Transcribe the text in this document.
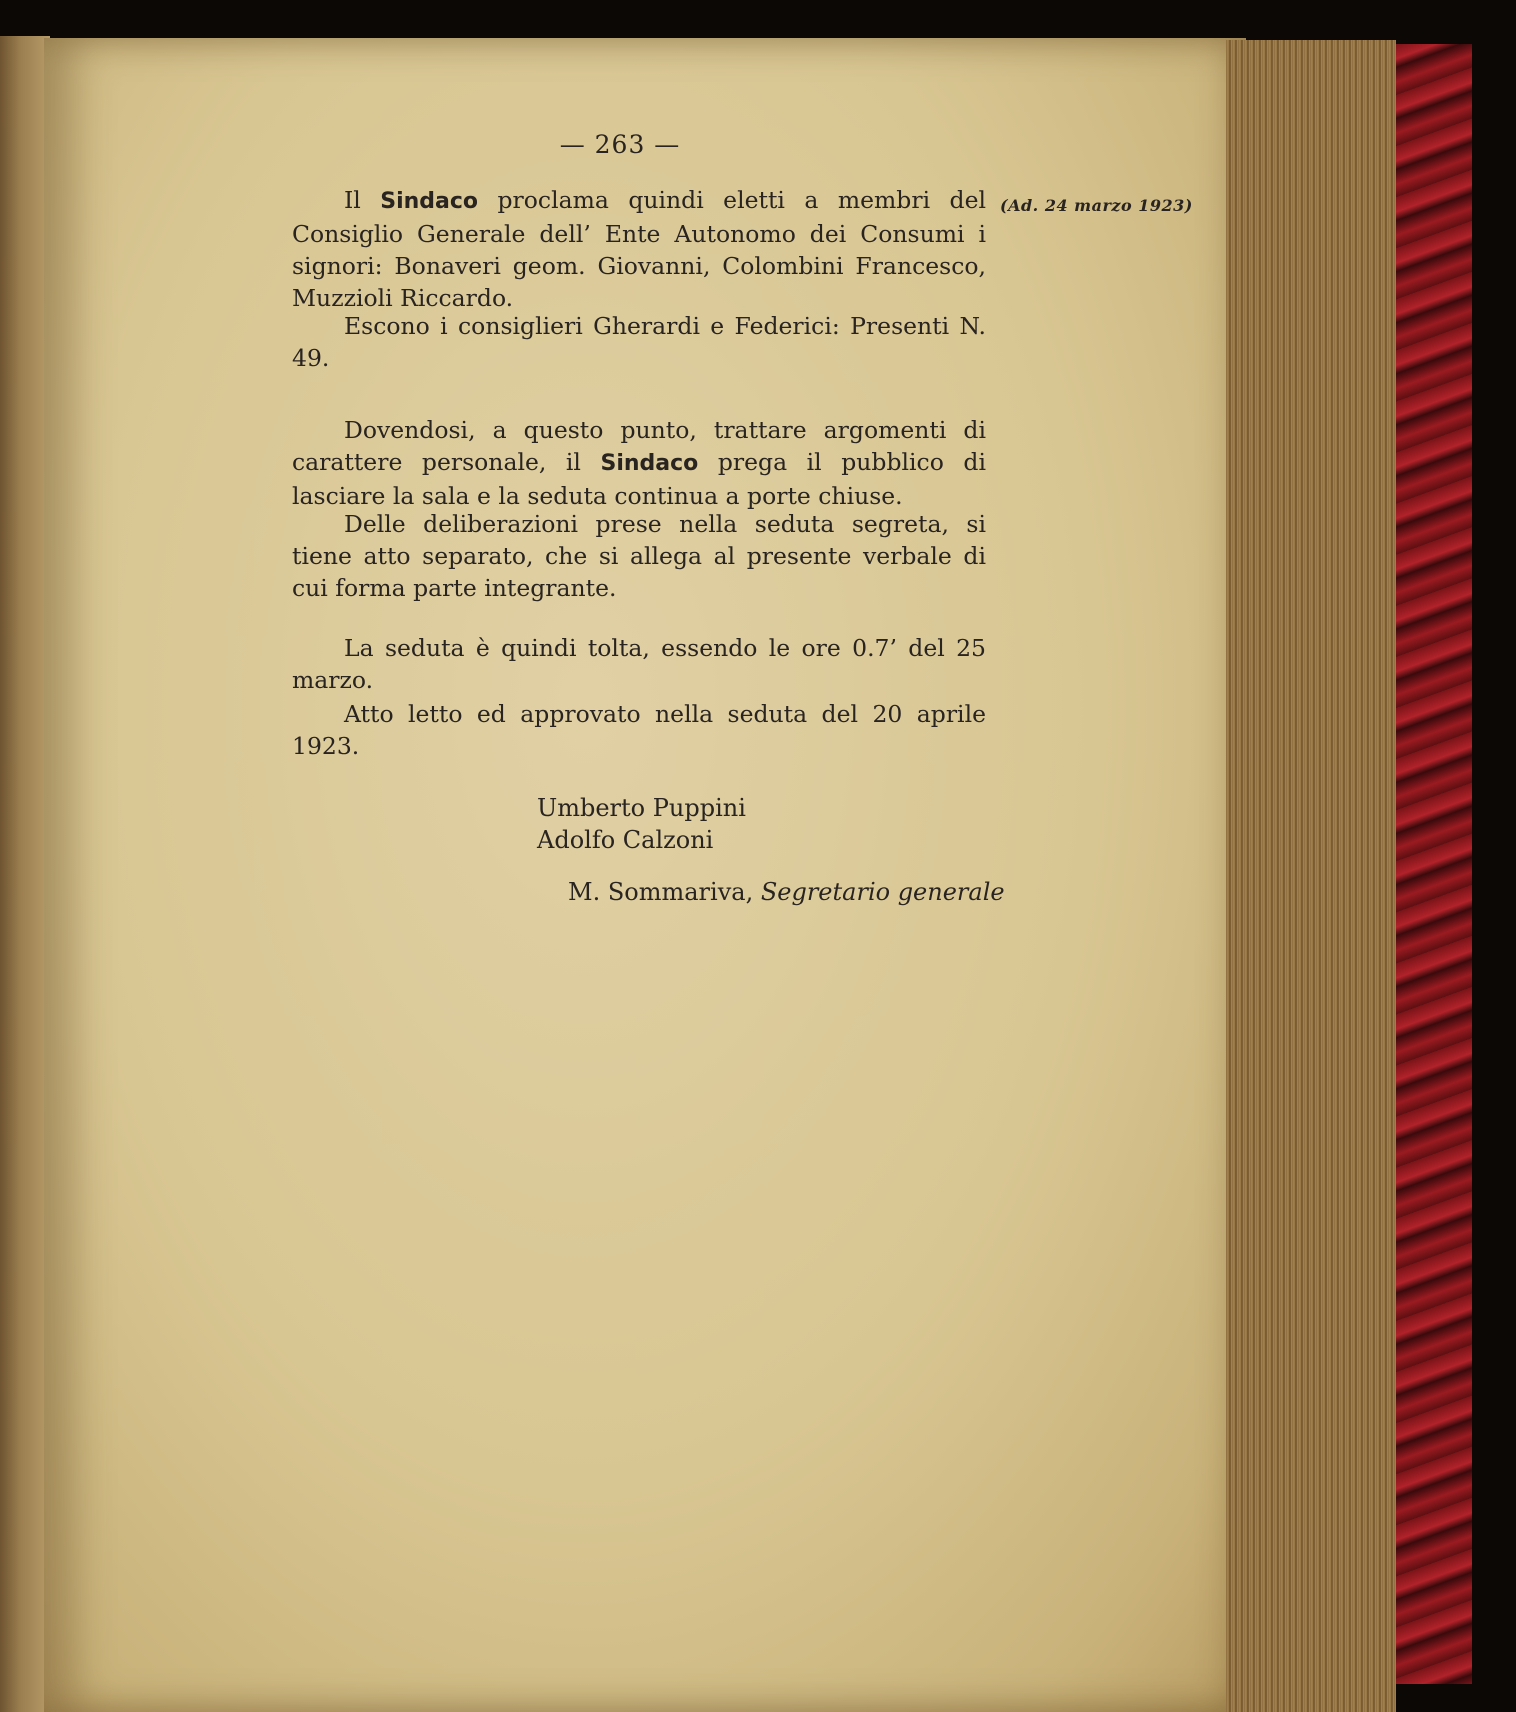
— 263 —
(Ad. 24 marzo 1923)

Il Sindaco proclama quindi eletti a membri del Consiglio Generale dell’ Ente Autonomo dei Consumi i signori: Bonaveri geom. Giovanni, Colombini Francesco, Muzzioli Riccardo.

Escono i consiglieri Gherardi e Federici: Presenti N. 49.

Dovendosi, a questo punto, trattare argomenti di carattere personale, il Sindaco prega il pubblico di lasciare la sala e la seduta continua a porte chiuse.

Delle deliberazioni prese nella seduta segreta, si tiene atto separato, che si allega al presente verbale di cui forma parte integrante.

La seduta è quindi tolta, essendo le ore 0.7’ del 25 marzo.

Atto letto ed approvato nella seduta del 20 aprile 1923.

Umberto Puppini
Adolfo Calzoni
M. Sommariva, Segretario generale
